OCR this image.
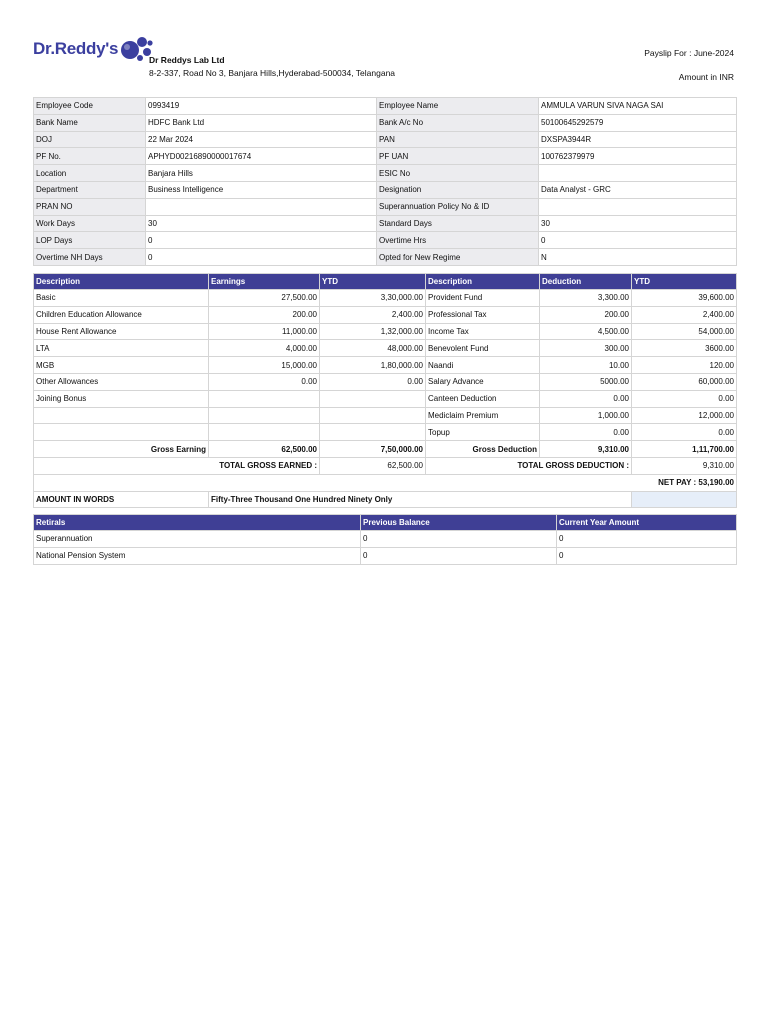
Dr.Reddy's
Dr Reddys Lab Ltd
8-2-337, Road No 3, Banjara Hills,Hyderabad-500034, Telangana
Payslip For : June-2024
Amount in INR
Employee Code	0993419	Employee Name	AMMULA VARUN SIVA NAGA SAI
Bank Name	HDFC Bank Ltd	Bank A/c No	50100645292579
DOJ	22 Mar 2024	PAN	DXSPA3944R
PF No.	APHYD00216890000017674	PF UAN	100762379979
Location	Banjara Hills	ESIC No	
Department	Business Intelligence	Designation	Data Analyst - GRC
PRAN NO		Superannuation Policy No & ID	
Work Days	30	Standard Days	30
LOP Days	0	Overtime Hrs	0
Overtime NH Days	0	Opted for New Regime	N
Description	Earnings	YTD	Description	Deduction	YTD
Basic	27,500.00	3,30,000.00	Provident Fund	3,300.00	39,600.00
Children Education Allowance	200.00	2,400.00	Professional Tax	200.00	2,400.00
House Rent Allowance	11,000.00	1,32,000.00	Income Tax	4,500.00	54,000.00
LTA	4,000.00	48,000.00	Benevolent Fund	300.00	3600.00
MGB	15,000.00	1,80,000.00	Naandi	10.00	120.00
Other Allowances	0.00	0.00	Salary Advance	5000.00	60,000.00
Joining Bonus			Canteen Deduction	0.00	0.00
			Mediclaim Premium	1,000.00	12,000.00
			Topup	0.00	0.00
Gross Earning	62,500.00	7,50,000.00	Gross Deduction	9,310.00	1,11,700.00
TOTAL GROSS EARNED :		62,500.00	TOTAL GROSS DEDUCTION :		9,310.00
NET PAY : 53,190.00					
AMOUNT IN WORDS	Fifty-Three Thousand One Hundred Ninety Only				
Retirals	Previous Balance	Current Year Amount
Superannuation	0	0
National Pension System	0	0
